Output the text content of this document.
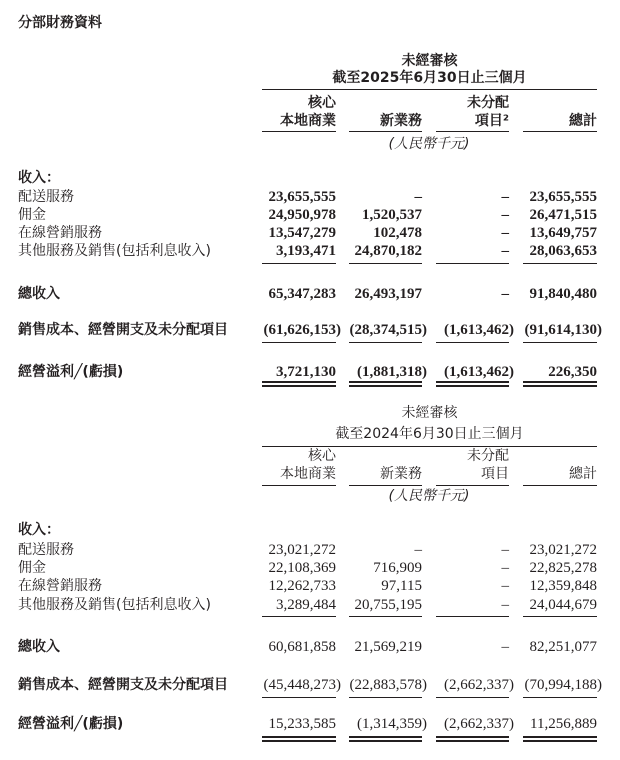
分部財務資料
未經審核
截至2025年6月30日止三個月
核心
本地商業	新業務
未分配
項目²	總計
(人民幣千元)
收入：
配送服務	23,655,555	–	–	23,655,555
佣金	24,950,978	1,520,537	–	26,471,515
在線營銷服務	13,547,279	102,478	–	13,649,757
其他服務及銷售(包括利息收入)	3,193,471	24,870,182	–	28,063,653
總收入	65,347,283	26,493,197	–	91,840,480
銷售成本、經營開支及未分配項目	(61,626,153) (28,374,515)	(1,613,462) (91,614,130)
經營溢利╱(虧損)	3,721,130	(1,881,318)	(1,613,462)	226,350
未經審核
截至2024年6月30日止三個月
核心
本地商業	新業務
未分配
項目	總計
(人民幣千元)
收入：
配送服務	23,021,272	–	–	23,021,272
佣金	22,108,369	716,909	–	22,825,278
在線營銷服務	12,262,733	97,115	–	12,359,848
其他服務及銷售(包括利息收入)	3,289,484	20,755,195	–	24,044,679
總收入	60,681,858	21,569,219	–	82,251,077
銷售成本、經營開支及未分配項目	(45,448,273) (22,883,578)	(2,662,337) (70,994,188)
經營溢利╱(虧損)	15,233,585	(1,314,359)	(2,662,337)	11,256,889
